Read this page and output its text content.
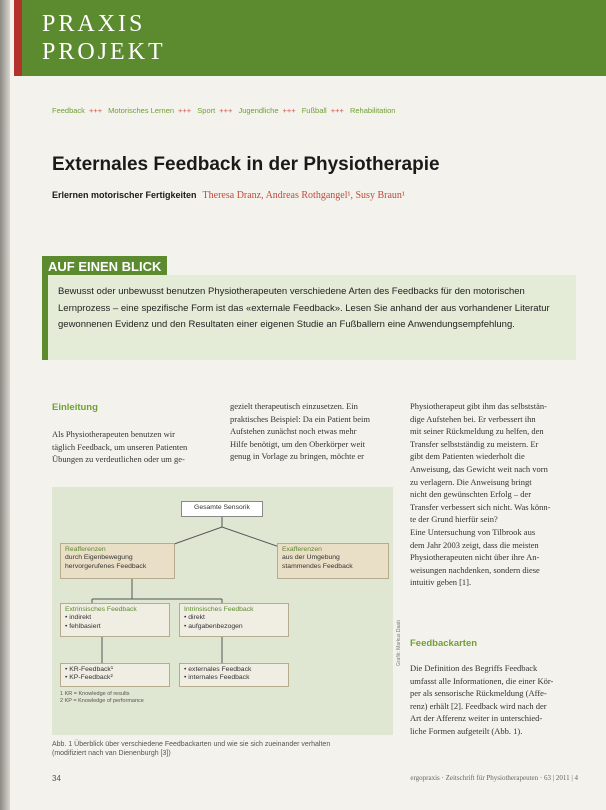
PRAXIS
PROJEKT
Feedback +++ Motorisches Lernen +++ Sport +++ Jugendliche +++ Fußball +++ Rehabilitation
Externales Feedback in der Physiotherapie
Erlernen motorischer Fertigkeiten Theresa Dranz, Andreas Rothgangel¹, Susy Braun¹
AUF EINEN BLICK
Bewusst oder unbewusst benutzen Physiotherapeuten verschiedene Arten des Feedbacks für den motorischen Lernprozess – eine spezifische Form ist das «externale Feedback». Lesen Sie anhand der aus vorhandener Literatur gewonnenen Evidenz und den Resultaten einer eigenen Studie an Fußballern eine Anwendungsempfehlung.
Einleitung
Als Physiotherapeuten benutzen wir
täglich Feedback, um unseren Patienten
Übungen zu verdeutlichen oder um ge-
gezielt therapeutisch einzusetzen. Ein
praktisches Beispiel: Da ein Patient beim
Aufstehen zunächst noch etwas mehr
Hilfe benötigt, um den Oberkörper weit
genug in Vorlage zu bringen, möchte er
Physiotherapeut gibt ihm das selbststän-
dige Aufstehen bei. Er verbessert ihn
mit seiner Rückmeldung zu helfen, den
Transfer selbstständig zu meistern. Er
gibt dem Patienten wiederholt die
Anweisung, das Gewicht weit nach vorn
zu verlagern. Die Anweisung bringt
nicht den gewünschten Erfolg – der
Transfer verbessert sich nicht. Was könn-
te der Grund hierfür sein?
Eine Untersuchung von Tilbrook aus
dem Jahr 2003 zeigt, dass die meisten
Physiotherapeuten nicht über ihre An-
weisungen nachdenken, sondern diese
intuitiv geben [1].
Feedbackarten
Die Definition des Begriffs Feedback
umfasst alle Informationen, die einer Kör-
per als sensorische Rückmeldung (Affe-
renz) erhält [2]. Feedback wird nach der
Art der Afferenz weiter in unterschied-
liche Formen aufgeteilt (Abb. 1).
Grafik: Markus Daab
Gesamte Sensorik
Reafferenzen
durch Eigenbewegung
hervorgerufenes Feedback
Exafferenzen
aus der Umgebung
stammendes Feedback
Extrinsisches Feedback
• indirekt
• fehlbasiert
Intrinsisches Feedback
• direkt
• aufgabenbezogen
• KR-Feedback¹
• KP-Feedback²
• externales Feedback
• internales Feedback
1 KR = Knowledge of results
2 KP = Knowledge of performance
Abb. 1 Überblick über verschiedene Feedbackarten und wie sie sich zueinander verhalten
(modifiziert nach van Dienenburgh [3])
34	ergopraxis · Zeitschrift für Physiotherapeuten · 63 | 2011 | 4
